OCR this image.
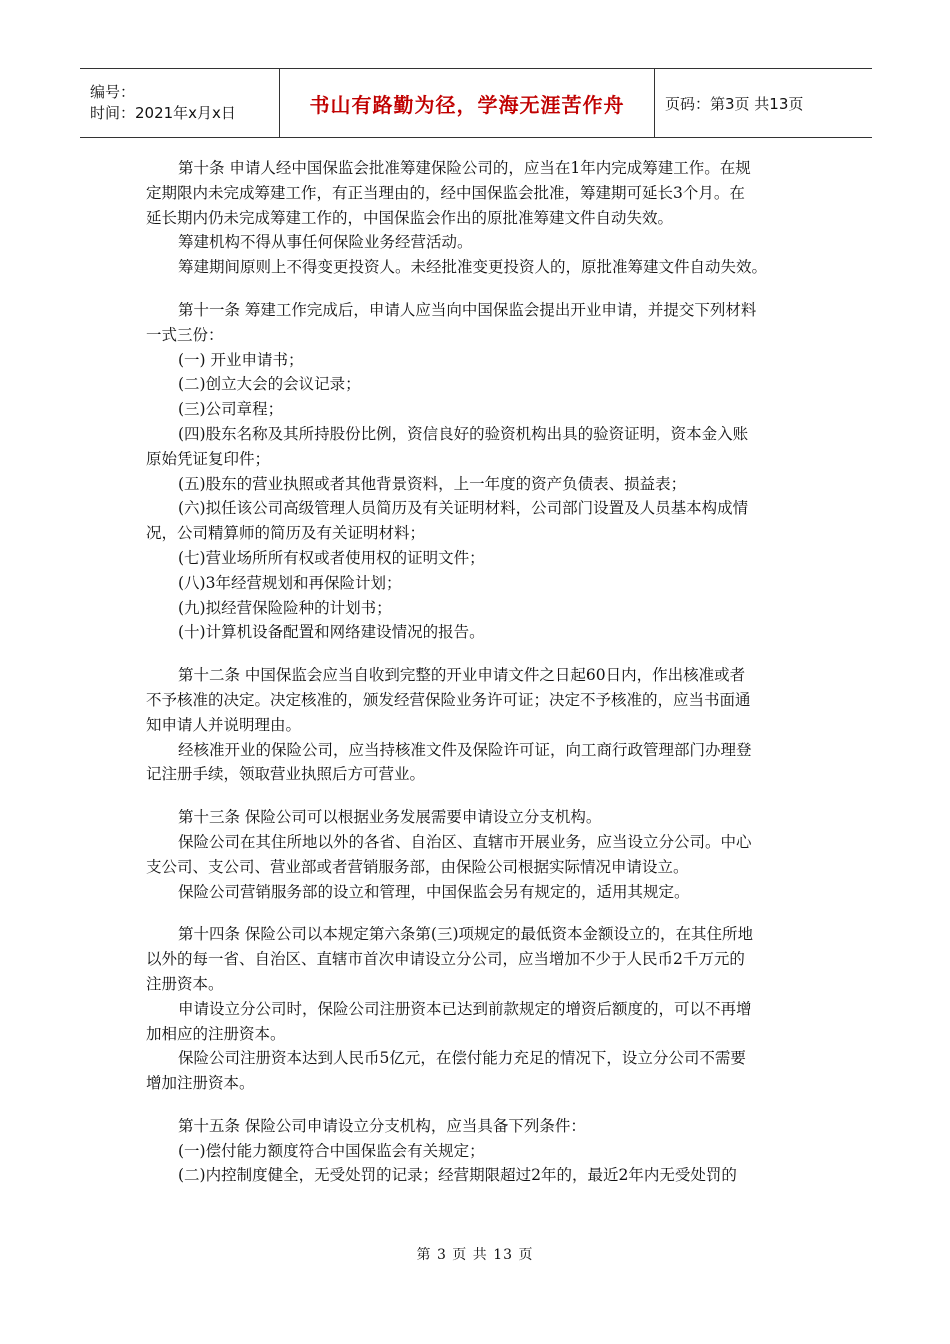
编号：
时间：2021年x月x日	书山有路勤为径，学海无涯苦作舟	页码：第3页 共13页
第十条 申请人经中国保监会批准筹建保险公司的，应当在1年内完成筹建工作。在规
定期限内未完成筹建工作，有正当理由的，经中国保监会批准，筹建期可延长3个月。在
延长期内仍未完成筹建工作的，中国保监会作出的原批准筹建文件自动失效。
筹建机构不得从事任何保险业务经营活动。
筹建期间原则上不得变更投资人。未经批准变更投资人的，原批准筹建文件自动失效。
第十一条 筹建工作完成后，申请人应当向中国保监会提出开业申请，并提交下列材料
一式三份：
(一) 开业申请书；
(二)创立大会的会议记录；
(三)公司章程；
(四)股东名称及其所持股份比例，资信良好的验资机构出具的验资证明，资本金入账
原始凭证复印件；
(五)股东的营业执照或者其他背景资料，上一年度的资产负债表、损益表；
(六)拟任该公司高级管理人员简历及有关证明材料，公司部门设置及人员基本构成情
况，公司精算师的简历及有关证明材料；
(七)营业场所所有权或者使用权的证明文件；
(八)3年经营规划和再保险计划；
(九)拟经营保险险种的计划书；
(十)计算机设备配置和网络建设情况的报告。
第十二条 中国保监会应当自收到完整的开业申请文件之日起60日内，作出核准或者
不予核准的决定。决定核准的，颁发经营保险业务许可证；决定不予核准的，应当书面通
知申请人并说明理由。
经核准开业的保险公司，应当持核准文件及保险许可证，向工商行政管理部门办理登
记注册手续，领取营业执照后方可营业。
第十三条 保险公司可以根据业务发展需要申请设立分支机构。
保险公司在其住所地以外的各省、自治区、直辖市开展业务，应当设立分公司。中心
支公司、支公司、营业部或者营销服务部，由保险公司根据实际情况申请设立。
保险公司营销服务部的设立和管理，中国保监会另有规定的，适用其规定。
第十四条 保险公司以本规定第六条第(三)项规定的最低资本金额设立的，在其住所地
以外的每一省、自治区、直辖市首次申请设立分公司，应当增加不少于人民币2千万元的
注册资本。
申请设立分公司时，保险公司注册资本已达到前款规定的增资后额度的，可以不再增
加相应的注册资本。
保险公司注册资本达到人民币5亿元，在偿付能力充足的情况下，设立分公司不需要
增加注册资本。
第十五条 保险公司申请设立分支机构，应当具备下列条件：
(一)偿付能力额度符合中国保监会有关规定；
(二)内控制度健全，无受处罚的记录；经营期限超过2年的，最近2年内无受处罚的
第 3 页 共 13 页
